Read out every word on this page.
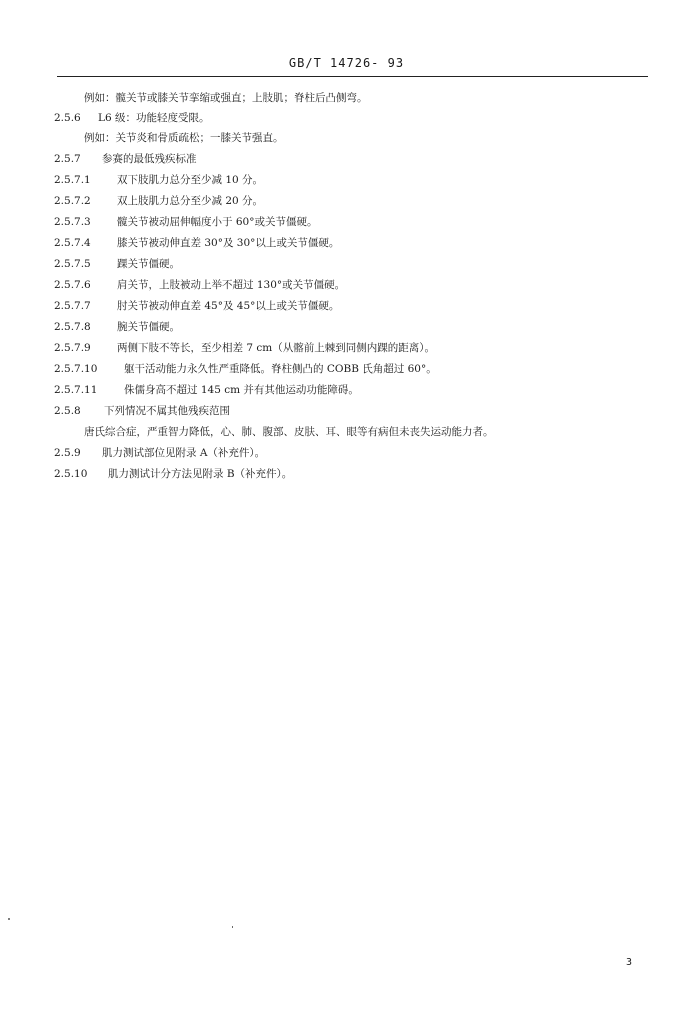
GB/T 14726- 93
例如：髋关节或膝关节挛缩或强直；上肢肌；脊柱后凸侧弯。
2.5.6 L6 级：功能轻度受限。
例如：关节炎和骨质疏松；一膝关节强直。
2.5.7 参赛的最低残疾标准
2.5.7.1	双下肢肌力总分至少减 10 分。
2.5.7.2	双上肢肌力总分至少减 20 分。
2.5.7.3	髋关节被动屈伸幅度小于 60°或关节僵硬。
2.5.7.4	膝关节被动伸直差 30°及 30°以上或关节僵硬。
2.5.7.5	踝关节僵硬。
2.5.7.6	肩关节，上肢被动上举不超过 130°或关节僵硬。
2.5.7.7	肘关节被动伸直差 45°及 45°以上或关节僵硬。
2.5.7.8	腕关节僵硬。
2.5.7.9	两侧下肢不等长，至少相差 7 cm（从髂前上棘到同侧内踝的距离）。
2.5.7.10	躯干活动能力永久性严重降低。脊柱侧凸的 COBB 氏角超过 60°。
2.5.7.11	侏儒身高不超过 145 cm 并有其他运动功能障碍。
2.5.8 下列情况不属其他残疾范围
唐氏综合症，严重智力降低，心、肺、腹部、皮肤、耳、眼等有病但未丧失运动能力者。
2.5.9 肌力测试部位见附录 A（补充件）。
2.5.10 肌力测试计分方法见附录 B（补充件）。
3
